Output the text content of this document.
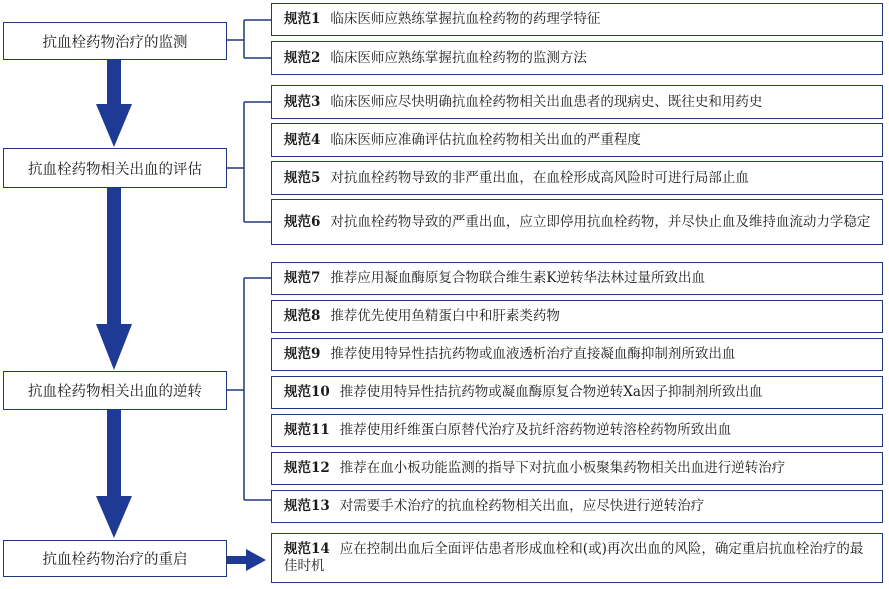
抗血栓药物治疗的监测
抗血栓药物相关出血的评估
抗血栓药物相关出血的逆转
抗血栓药物治疗的重启
规范1 临床医师应熟练掌握抗血栓药物的药理学特征
规范2 临床医师应熟练掌握抗血栓药物的监测方法
规范3 临床医师应尽快明确抗血栓药物相关出血患者的现病史、既往史和用药史
规范4 临床医师应准确评估抗血栓药物相关出血的严重程度
规范5 对抗血栓药物导致的非严重出血，在血栓形成高风险时可进行局部止血
规范6 对抗血栓药物导致的严重出血，应立即停用抗血栓药物，并尽快止血及维持血流动力学稳定
规范7 推荐应用凝血酶原复合物联合维生素K逆转华法林过量所致出血
规范8 推荐优先使用鱼精蛋白中和肝素类药物
规范9 推荐使用特异性拮抗药物或血液透析治疗直接凝血酶抑制剂所致出血
规范10 推荐使用特异性拮抗药物或凝血酶原复合物逆转Ⅹa因子抑制剂所致出血
规范11 推荐使用纤维蛋白原替代治疗及抗纤溶药物逆转溶栓药物所致出血
规范12 推荐在血小板功能监测的指导下对抗血小板聚集药物相关出血进行逆转治疗
规范13 对需要手术治疗的抗血栓药物相关出血，应尽快进行逆转治疗
规范14 应在控制出血后全面评估患者形成血栓和(或)再次出血的风险，确定重启抗血栓治疗的最佳时机
